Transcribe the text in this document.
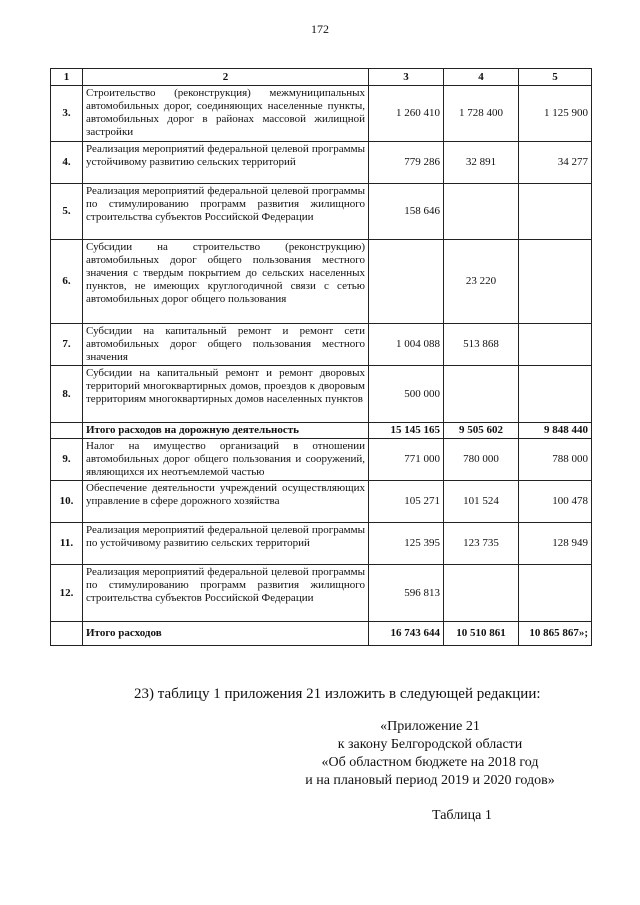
172
1	2	3	4	5
3.	Строительство (реконструкция) межмуниципальных автомобильных дорог, соединяющих населенные пункты, автомобильных дорог в районах массовой жилищной застройки	1 260 410	1 728 400	1 125 900
4.	Реализация мероприятий федеральной целевой программы устойчивому развитию сельских территорий	779 286	32 891	34 277
5.	Реализация мероприятий федеральной целевой программы по стимулированию программ развития жилищного строительства субъектов Российской Федерации	158 646		
6.	Субсидии на строительство (реконструкцию) автомобильных дорог общего пользования местного значения с твердым покрытием до сельских населенных пунктов, не имеющих круглогодичной связи с сетью автомобильных дорог общего пользования		23 220	
7.	Субсидии на капитальный ремонт и ремонт сети автомобильных дорог общего пользования местного значения	1 004 088	513 868	
8.	Субсидии на капитальный ремонт и ремонт дворовых территорий многоквартирных домов, проездов к дворовым территориям многоквартирных домов населенных пунктов	500 000		
	Итого расходов на дорожную деятельность	15 145 165	9 505 602	9 848 440
9.	Налог на имущество организаций в отношении автомобильных дорог общего пользования и сооружений, являющихся их неотъемлемой частью	771 000	780 000	788 000
10.	Обеспечение деятельности учреждений осуществляющих управление в сфере дорожного хозяйства	105 271	101 524	100 478
11.	Реализация мероприятий федеральной целевой программы по устойчивому развитию сельских территорий	125 395	123 735	128 949
12.	Реализация мероприятий федеральной целевой программы по стимулированию программ развития жилищного строительства субъектов Российской Федерации	596 813		
	Итого расходов	16 743 644	10 510 861	10 865 867»;
23) таблицу 1 приложения 21 изложить в следующей редакции:
«Приложение 21
к закону Белгородской области
«Об областном бюджете на 2018 год
и на плановый период 2019 и 2020 годов»
Таблица 1
